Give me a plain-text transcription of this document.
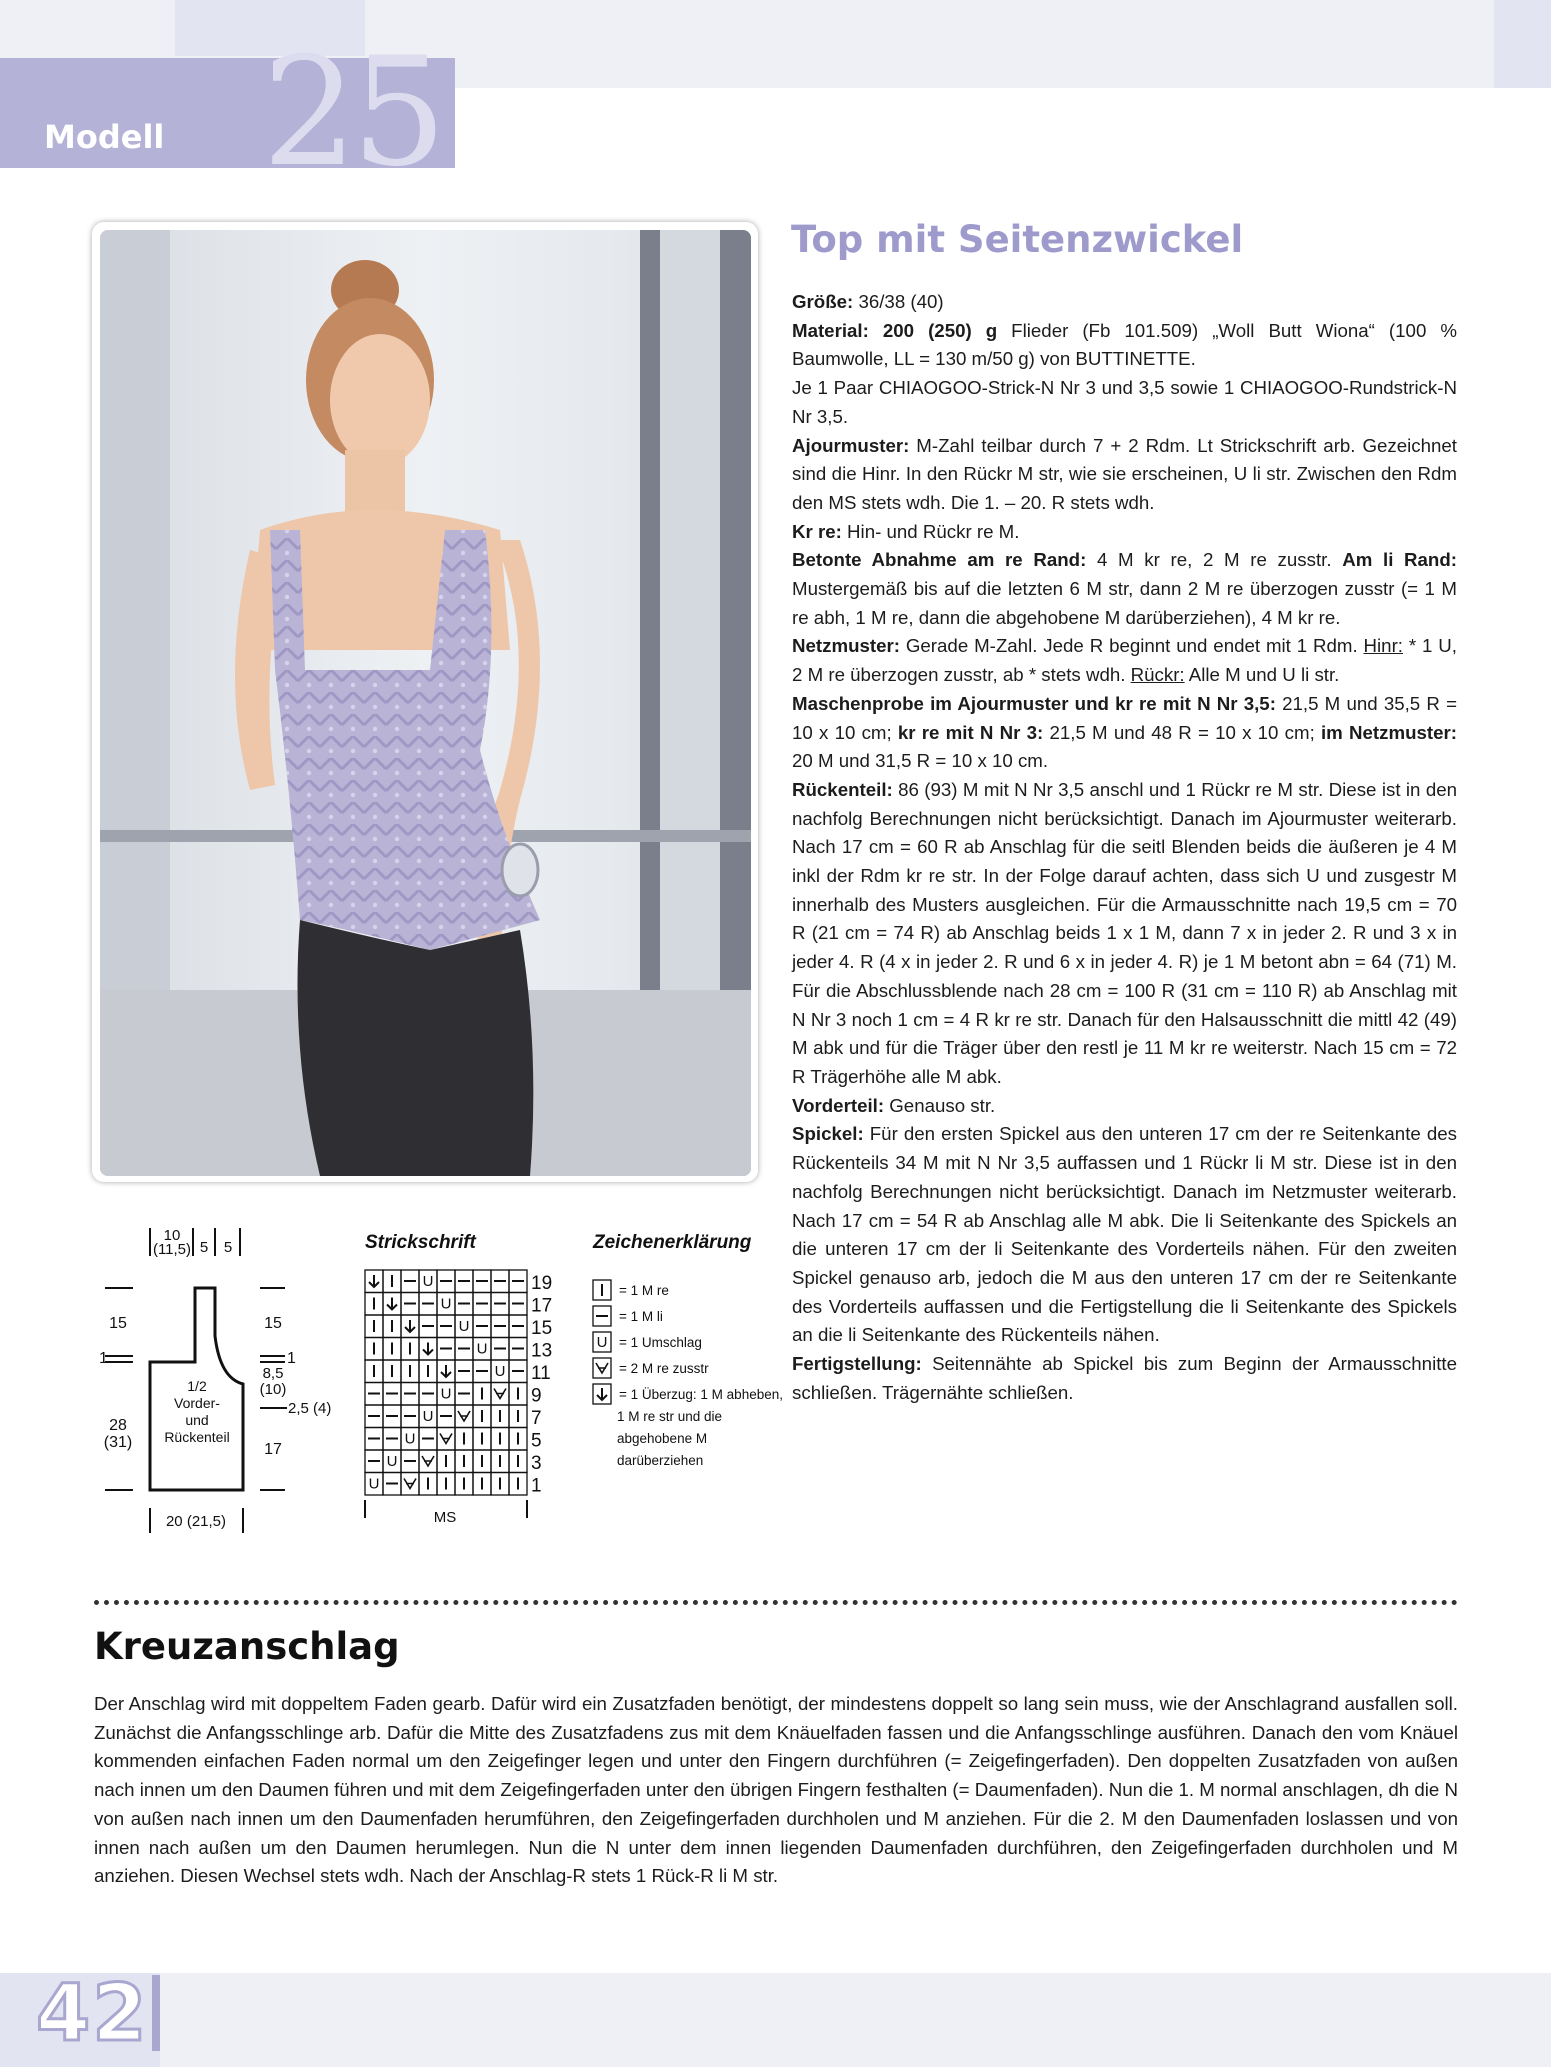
25
Modell
Top mit Seitenzwickel

Größe: 36/38 (40)

Material: 200 (250) g Flieder (Fb 101.509) „Woll Butt Wiona“ (100 % Baumwolle, LL = 130 m/50 g) von BUTTINETTE.

Je 1 Paar CHIAOGOO-Strick-N Nr 3 und 3,5 sowie 1 CHIAOGOO-Rundstrick-N Nr 3,5.

Ajourmuster: M-Zahl teilbar durch 7 + 2 Rdm. Lt Strickschrift arb. Gezeichnet sind die Hinr. In den Rückr M str, wie sie erscheinen, U li str. Zwischen den Rdm den MS stets wdh. Die 1. – 20. R stets wdh.

Kr re: Hin- und Rückr re M.

Betonte Abnahme am re Rand: 4 M kr re, 2 M re zusstr. Am li Rand: Mustergemäß bis auf die letzten 6 M str, dann 2 M re überzogen zusstr (= 1 M re abh, 1 M re, dann die abgehobene M darüberziehen), 4 M kr re.

Netzmuster: Gerade M-Zahl. Jede R beginnt und endet mit 1 Rdm. Hinr: * 1 U, 2 M re überzogen zusstr, ab * stets wdh. Rückr: Alle M und U li str.

Maschenprobe im Ajourmuster und kr re mit N Nr 3,5: 21,5 M und 35,5 R = 10 x 10 cm; kr re mit N Nr 3: 21,5 M und 48 R = 10 x 10 cm; im Netzmuster: 20 M und 31,5 R = 10 x 10 cm.

Rückenteil: 86 (93) M mit N Nr 3,5 anschl und 1 Rückr re M str. Diese ist in den nachfolg Berechnungen nicht berücksichtigt. Danach im Ajourmuster weiterarb. Nach 17 cm = 60 R ab Anschlag für die seitl Blenden beids die äußeren je 4 M inkl der Rdm kr re str. In der Folge darauf achten, dass sich U und zusgestr M innerhalb des Musters ausgleichen. Für die Armausschnitte nach 19,5 cm = 70 R (21 cm = 74 R) ab Anschlag beids 1 x 1 M, dann 7 x in jeder 2. R und 3 x in jeder 4. R (4 x in jeder 2. R und 6 x in jeder 4. R) je 1 M betont abn = 64 (71) M. Für die Abschlussblende nach 28 cm = 100 R (31 cm = 110 R) ab Anschlag mit N Nr 3 noch 1 cm = 4 R kr re str. Danach für den Halsausschnitt die mittl 42 (49) M abk und für die Träger über den restl je 11 M kr re weiterstr. Nach 15 cm = 72 R Trägerhöhe alle M abk.

Vorderteil: Genauso str.

Spickel: Für den ersten Spickel aus den unteren 17 cm der re Seitenkante des Rückenteils 34 M mit N Nr 3,5 auffassen und 1 Rückr li M str. Diese ist in den nachfolg Berechnungen nicht berücksichtigt. Danach im Netzmuster weiterarb. Nach 17 cm = 54 R ab Anschlag alle M abk. Die li Seitenkante des Spickels an die unteren 17 cm der li Seitenkante des Vorderteils nähen. Für den zweiten Spickel genauso arb, jedoch die M aus den unteren 17 cm der re Seitenkante des Vorderteils auffassen und die Fertigstellung die li Seitenkante des Spickels an die li Seitenkante des Rückenteils nähen.

Fertigstellung: Seitennähte ab Spickel bis zum Beginn der Armausschnitte schließen. Trägernähte schließen.

10 (11,5) 5 5
15
1
28 (31)
1/2 Vorder-und Rückenteil
15
1
8,5 (10)
2,5 (4)
17
20 (21,5)
Strickschrift
U
U
U
U
U
U
U
U
U
U
19
17
15
13
11
9
7
5
3
1
MS
Zeichenerklärung
= 1 M re
= 1 M li
U = 1 Umschlag
= 2 M re zusstr
= 1 Überzug: 1 M abheben, 1 M re str und die abgehobene M darüberziehen
Kreuzanschlag
Der Anschlag wird mit doppeltem Faden gearb. Dafür wird ein Zusatzfaden benötigt, der mindestens doppelt so lang sein muss, wie der Anschlagrand ausfallen soll. Zunächst die Anfangsschlinge arb. Dafür die Mitte des Zusatzfadens zus mit dem Knäuelfaden fassen und die Anfangsschlinge ausführen. Danach den vom Knäuel kommenden einfachen Faden normal um den Zeigefinger legen und unter den Fingern durchführen (= Zeigefingerfaden). Den doppelten Zusatzfaden von außen nach innen um den Daumen führen und mit dem Zeigefingerfaden unter den übrigen Fingern festhalten (= Daumenfaden). Nun die 1. M normal anschlagen, dh die N von außen nach innen um den Daumenfaden herumführen, den Zeigefingerfaden durchholen und M anziehen. Für die 2. M den Daumenfaden loslassen und von innen nach außen um den Daumen herumlegen. Nun die N unter dem innen liegenden Daumenfaden durchführen, den Zeigefingerfaden durchholen und M anziehen. Diesen Wechsel stets wdh. Nach der Anschlag-R stets 1 Rück-R li M str.
42
